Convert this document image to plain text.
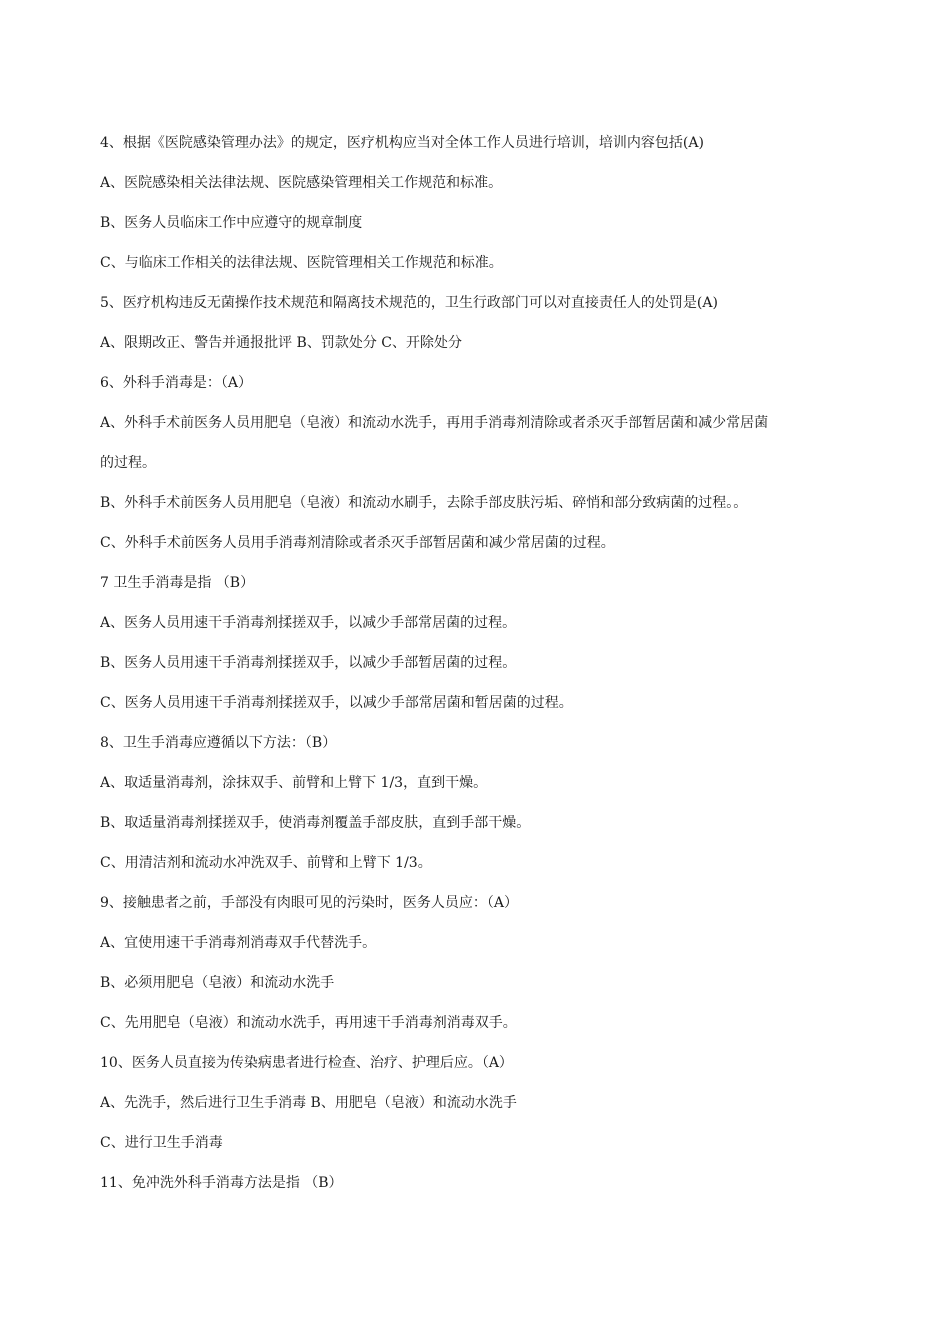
4、根据《医院感染管理办法》的规定，医疗机构应当对全体工作人员进行培训，培训内容包括(A)
A、医院感染相关法律法规、医院感染管理相关工作规范和标准。
B、医务人员临床工作中应遵守的规章制度
C、与临床工作相关的法律法规、医院管理相关工作规范和标准。
5、医疗机构违反无菌操作技术规范和隔离技术规范的，卫生行政部门可以对直接责任人的处罚是(A)
A、限期改正、警告并通报批评 B、罚款处分 C、开除处分
6、外科手消毒是：（A）
A、外科手术前医务人员用肥皂（皂液）和流动水洗手，再用手消毒剂清除或者杀灭手部暂居菌和减少常居菌
的过程。
B、外科手术前医务人员用肥皂（皂液）和流动水刷手，去除手部皮肤污垢、碎悄和部分致病菌的过程。。
C、外科手术前医务人员用手消毒剂清除或者杀灭手部暂居菌和减少常居菌的过程。
7 卫生手消毒是指 （B）
A、医务人员用速干手消毒剂揉搓双手，以减少手部常居菌的过程。
B、医务人员用速干手消毒剂揉搓双手，以减少手部暂居菌的过程。
C、医务人员用速干手消毒剂揉搓双手，以减少手部常居菌和暂居菌的过程。
8、卫生手消毒应遵循以下方法：（B）
A、取适量消毒剂，涂抹双手、前臂和上臂下 1/3，直到干燥。
B、取适量消毒剂揉搓双手，使消毒剂覆盖手部皮肤，直到手部干燥。
C、用清洁剂和流动水冲洗双手、前臂和上臂下 1/3。
9、接触患者之前，手部没有肉眼可见的污染时，医务人员应：（A）
A、宜使用速干手消毒剂消毒双手代替洗手。
B、必须用肥皂（皂液）和流动水洗手
C、先用肥皂（皂液）和流动水洗手，再用速干手消毒剂消毒双手。
10、医务人员直接为传染病患者进行检查、治疗、护理后应。（A）
A、先洗手，然后进行卫生手消毒 B、用肥皂（皂液）和流动水洗手
C、进行卫生手消毒
11、免冲洗外科手消毒方法是指 （B）
